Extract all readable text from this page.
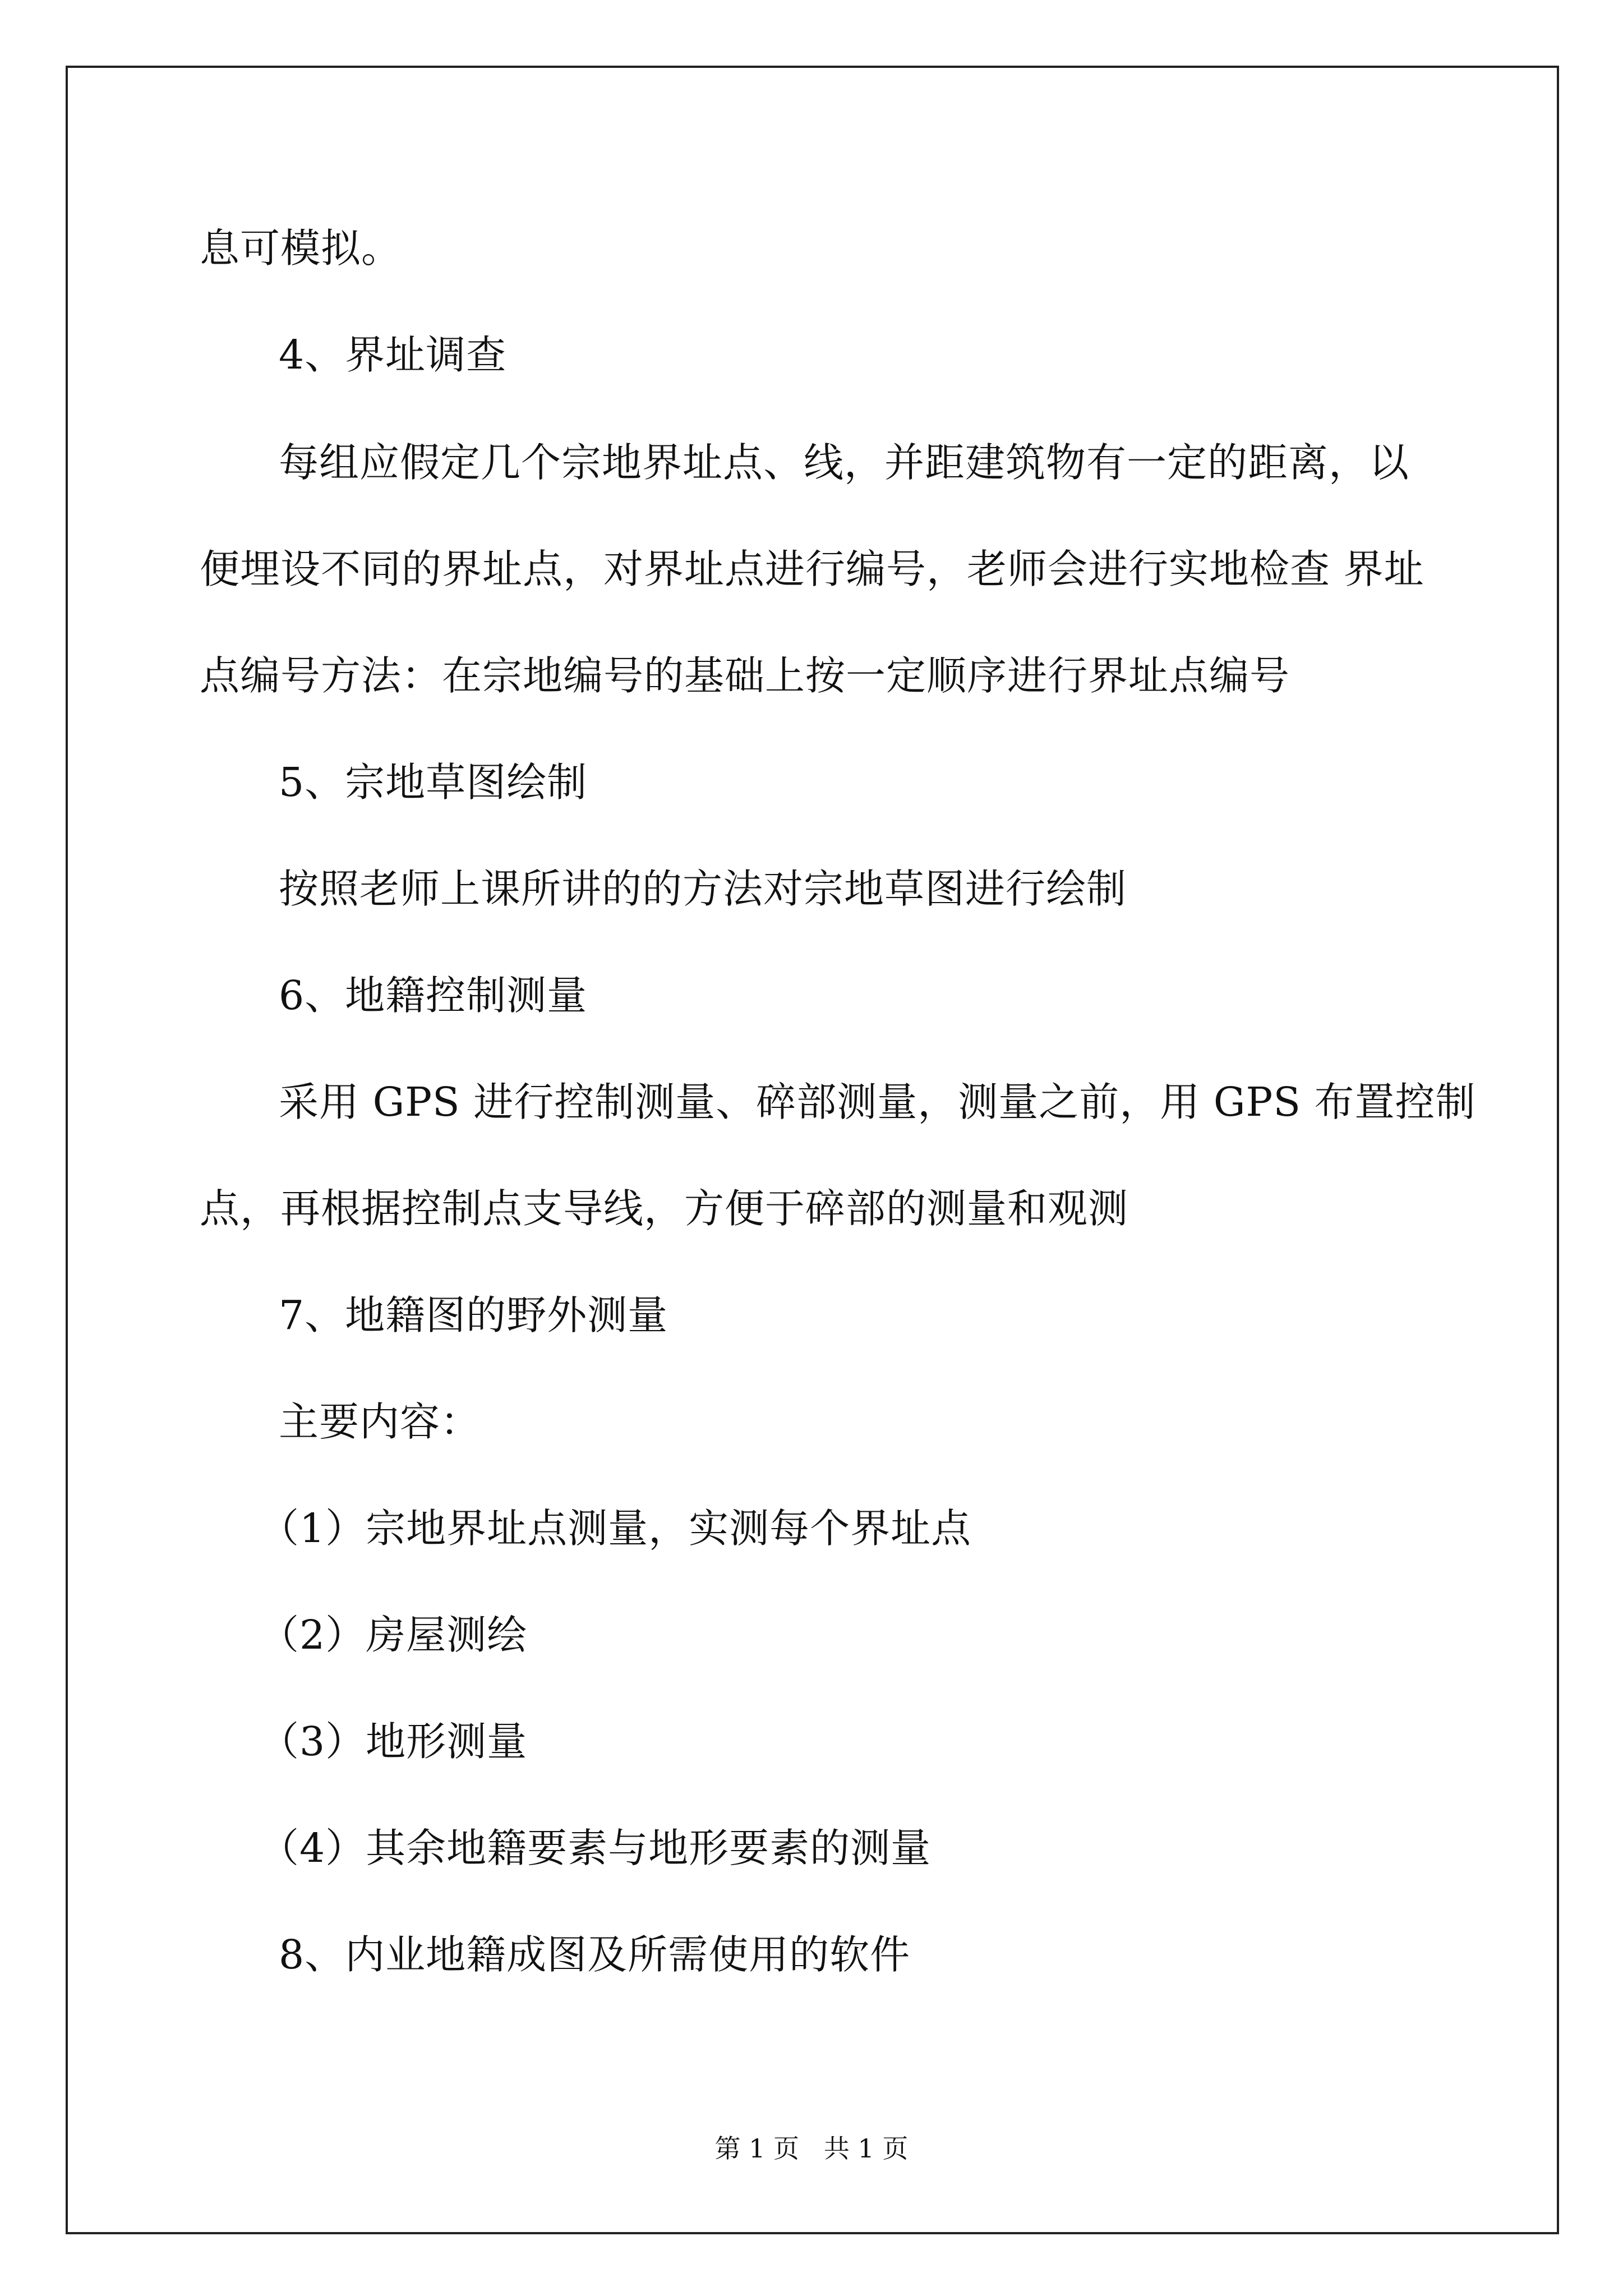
息可模拟。
4、界址调查
每组应假定几个宗地界址点、线，并距建筑物有一定的距离，以
便埋设不同的界址点，对界址点进行编号，老师会进行实地检查 界址
点编号方法：在宗地编号的基础上按一定顺序进行界址点编号
5、宗地草图绘制
按照老师上课所讲的的方法对宗地草图进行绘制
6、地籍控制测量
采用 GPS 进行控制测量、碎部测量，测量之前，用 GPS 布置控制
点，再根据控制点支导线，方便于碎部的测量和观测
7、地籍图的野外测量
主要内容：
（1）宗地界址点测量，实测每个界址点
（2）房屋测绘
（3）地形测量
（4）其余地籍要素与地形要素的测量
8、内业地籍成图及所需使用的软件
第 1 页   共 1 页
